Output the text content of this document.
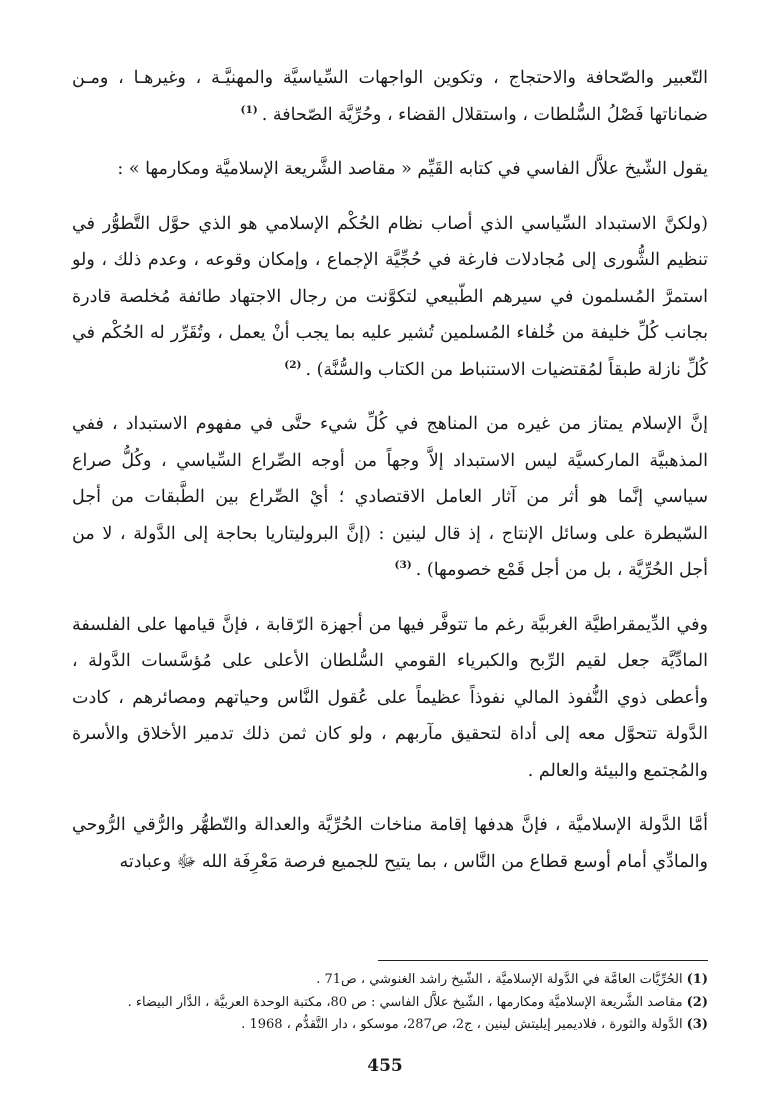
التّعبير والصّحافة والاحتجاج ، وتكوين الواجهات السِّياسيَّة والمهنيَّـة ، وغيرهـا ، ومـن ضماناتها فَصْلُ السُّلطات ، واستقلال القضاء ، وحُرِّيَّة الصّحافة .$^{(1)}$

يقول الشّيخ علاَّل الفاسي في كتابه القَيِّم « مقاصد الشَّريعة الإسلاميَّة ومكارمها » :

(ولكنَّ الاستبداد السِّياسي الذي أصاب نظام الحُكْم الإسلامي هو الذي حوَّل التَّطوُّر في تنظيم الشُّورى إلى مُجادلات فارغة في حُجِّيَّة الإجماع ، وإمكان وقوعه ، وعدم ذلك ، ولو استمرَّ المُسلمون في سيرهم الطّبيعي لتكوَّنت من رجال الاجتهاد طائفة مُخلصة قادرة بجانب كُلِّ خليفة من خُلفاء المُسلمين تُشير عليه بما يجب أنْ يعمل ، وتُقَرِّر له الحُكْم في كُلِّ نازلة طبقاً لمُقتضيات الاستنباط من الكتاب والسُّنَّة) .$^{(2)}$

إنَّ الإسلام يمتاز من غيره من المناهج في كُلِّ شيء حتَّى في مفهوم الاستبداد ، ففي المذهبيَّة الماركسيَّة ليس الاستبداد إلاَّ وجهاً من أوجه الصِّراع السِّياسي ، وكُلُّ صراع سياسي إنَّما هو أثر من آثار العامل الاقتصادي ؛ أيْ الصِّراع بين الطَّبقات من أجل السّيطرة على وسائل الإنتاج ، إذ قال لينين : (إنَّ البروليتاريا بحاجة إلى الدَّولة ، لا من أجل الحُرِّيَّة ، بل من أجل قَمْع خصومها) .$^{(3)}$

وفي الدِّيمقراطيَّة الغربيَّة رغم ما تتوفَّر فيها من أجهزة الرّقابة ، فإنَّ قيامها على الفلسفة المادِّيَّة جعل لقيم الرِّبح والكبرياء القومي السُّلطان الأعلى على مُؤسَّسات الدَّولة ، وأعطى ذوي النُّفوذ المالي نفوذاً عظيماً على عُقول النَّاس وحياتهم ومصائرهم ، كادت الدَّولة تتحوَّل معه إلى أداة لتحقيق مآربهم ، ولو كان ثمن ذلك تدمير الأخلاق والأسرة والمُجتمع والبيئة والعالم .

أمَّا الدَّولة الإسلاميَّة ، فإنَّ هدفها إقامة مناخات الحُرِّيَّة والعدالة والتّطهُّر والرُّقي الرُّوحي والمادِّي أمام أوسع قطاع من النَّاس ، بما يتيح للجميع فرصة مَعْرِفَة الله ﷻ وعبادته

(1)الحُرِّيَّات العامَّة في الدَّولة الإسلاميَّة ، الشّيخ راشد الغنوشي ، ص71 .

(2)مقاصد الشَّريعة الإسلاميَّة ومكارمها ، الشّيخ علاَّل الفاسي : ص 80، مكتبة الوحدة العربيَّة ، الدَّار البيضاء .

(3)الدَّولة والثورة ، فلاديمير إيليتش لينين ، ج2، ص287، موسكو ، دار التَّقدُّم ، 1968 .

455
